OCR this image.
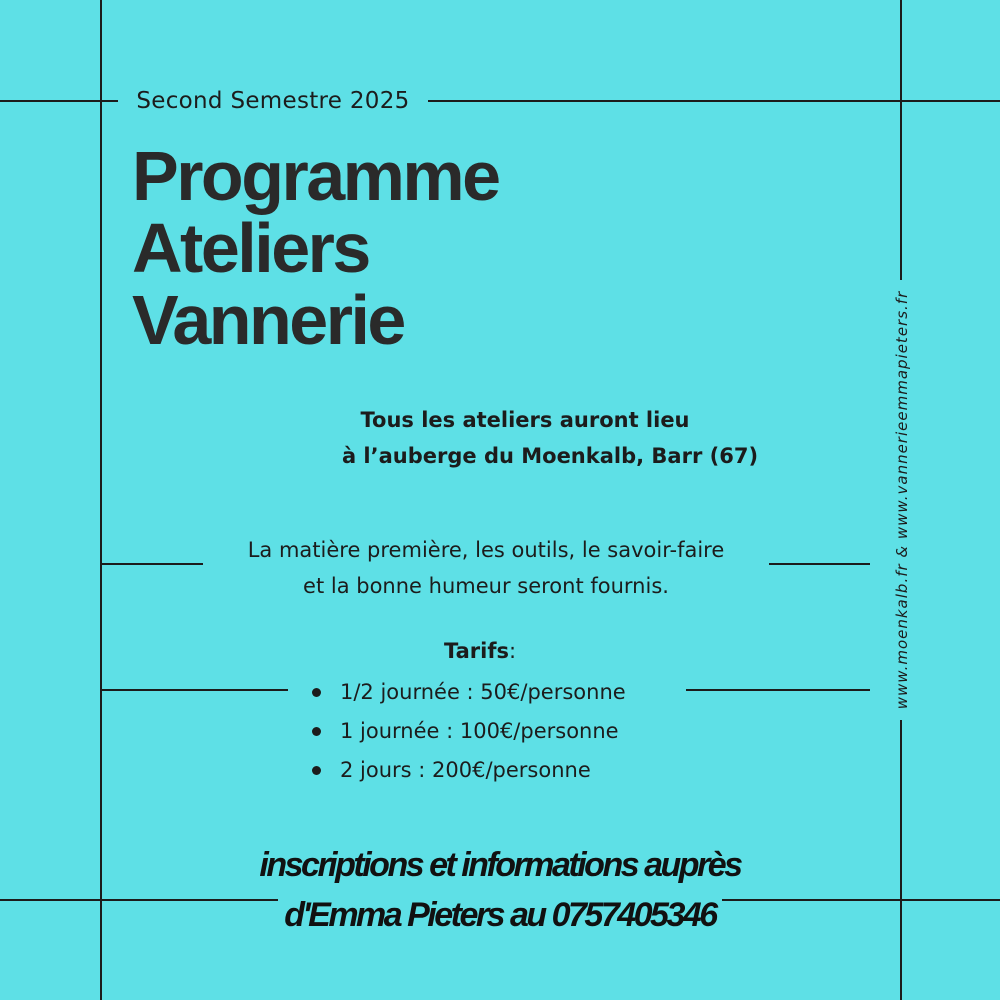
Second Semestre 2025
Programme
Ateliers
Vannerie
Tous les ateliers auront lieu
à l’auberge du Moenkalb, Barr (67)
La matière première, les outils, le savoir-faire
et la bonne humeur seront fournis.
Tarifs:
1/2 journée : 50€/personne
1 journée : 100€/personne
2 jours : 200€/personne
inscriptions et informations auprès
d'Emma Pieters au 0757405346
www.moenkalb.fr & www.vannerieemmapieters.fr
